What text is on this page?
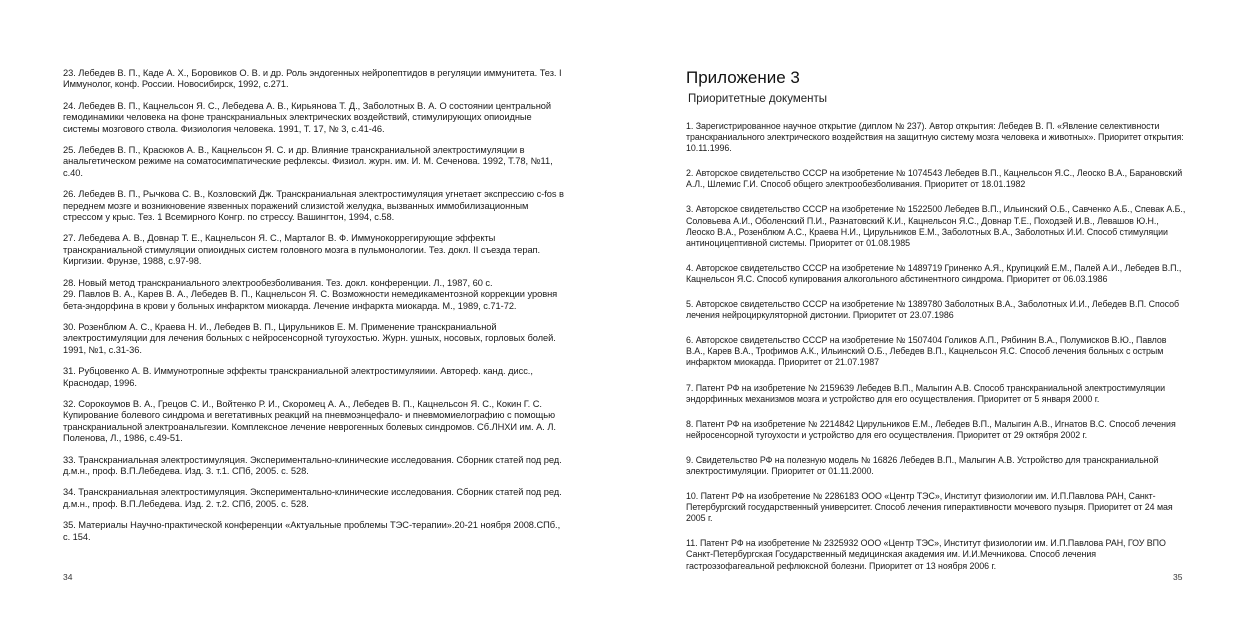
23. Лебедев В. П., Каде А. Х., Боровиков О. В. и др. Роль эндогенных нейропептидов в регуляции иммунитета. Тез. I Иммунолог, конф. России. Новосибирск, 1992, с.271.

24. Лебедев В. П., Кацнельсон Я. С., Лебедева А. В., Кирьянова Т. Д., Заболотных В. А. О состоянии центральной гемодинамики человека на фоне транскраниальных электрических воздействий, стимулирующих опиоидные системы мозгового ствола. Физиология человека. 1991, Т. 17, № 3, с.41-46.

25. Лебедев В. П., Красюков А. В., Кацнельсон Я. С. и др. Влияние транскраниальной электростимуляции в анальгетическом режиме на соматосимпатические рефлексы. Физиол. журн. им. И. М. Сеченова. 1992, Т.78, №11, с.40.

26. Лебедев В. П., Рычкова С. В., Козловский Дж. Транскраниальная электростимуляция угнетает экспрессию c-fos в переднем мозге и возникновение язвенных поражений слизистой желудка, вызванных иммобилизационным стрессом у крыс. Тез. 1 Всемирного Конгр. по стрессу. Вашингтон, 1994, с.58.

27. Лебедева А. В., Довнар Т. Е., Кацнельсон Я. С., Марталог В. Ф. Иммунокоррегирующие эффекты транскраниальной стимуляции опиоидных систем головного мозга в пульмонологии. Тез. докл. II съезда терап. Киргизии. Фрунзе, 1988, с.97-98.

28. Новый метод транскраниального электрообезболивания. Тез. докл. конференции. Л., 1987, 60 с.

29. Павлов В. А., Карев В. А., Лебедев В. П., Кацнельсон Я. С. Возможности немедикаментозной коррекции уровня бета-эндорфина в крови у больных инфарктом миокарда. Лечение инфаркта миокарда. М., 1989, с.71-72.

30. Розенблюм А. С., Краева Н. И., Лебедев В. П., Цирульников Е. М. Применение транскраниальной электростимуляции для лечения больных с нейросенсорной тугоухостью. Журн. ушных, носовых, горловых болей. 1991, №1, с.31-36.

31. Рубцовенко А. В. Иммунотропные эффекты транскраниальной электростимуляиии. Автореф. канд. дисс., Краснодар, 1996.

32. Сорокоумов В. А., Грецов С. И., Войтенко Р. И., Скоромец А. А., Лебедев В. П., Кацнельсон Я. С., Кокин Г. С. Купирование болевого синдрома и вегетативных реакций на пневмоэнцефало- и пневмомиелографию с помощью транскраниальной электроанальгезии. Комплексное лечение неврогенных болевых синдромов. Сб.ЛНХИ им. А. Л. Поленова, Л., 1986, с.49-51.

33. Транскраниальная электростимуляция. Экспериментально-клинические исследования. Сборник статей под ред. д.м.н., проф. В.П.Лебедева. Изд. 3. т.1. СПб, 2005. с. 528.

34. Транскраниальная электростимуляция. Экспериментально-клинические исследования. Сборник статей под ред. д.м.н., проф. В.П.Лебедева. Изд. 2. т.2. СПб, 2005. с. 528.

35. Материалы Научно-практической конференции «Актуальные проблемы ТЭС-терапии».20-21 ноября 2008.СПб., с. 154.

34
Приложение 3
Приоритетные документы

1. Зарегистрированное научное открытие (диплом № 237). Автор открытия: Лебедев В. П. «Явление селективности транскраниального электрического воздействия на защитную систему мозга человека и животных». Приоритет открытия: 10.11.1996.

2. Авторское свидетельство СССР на изобретение № 1074543 Лебедев В.П., Кацнельсон Я.С., Леоско В.А., Барановский А.Л., Шлемис Г.И. Способ общего электрообезболивания. Приоритет от 18.01.1982

3. Авторское свидетельство СССР на изобретение № 1522500 Лебедев В.П., Ильинский О.Б., Савченко А.Б., Спевак А.Б., Соловьева А.И., Оболенский П.И., Разнатовский К.И., Кацнельсон Я.С., Довнар Т.Е., Походзей И.В., Левашов Ю.Н., Леоско В.А., Розенблюм А.С., Краева Н.И., Цирульников Е.М., Заболотных В.А., Заболотных И.И. Способ стимуляции антиноцицептивной системы. Приоритет от 01.08.1985

4. Авторское свидетельство СССР на изобретение № 1489719 Гриненко А.Я., Крупицкий Е.М., Палей А.И., Лебедев В.П., Кацнельсон Я.С. Способ купирования алкогольного абстинентного синдрома. Приоритет от 06.03.1986

5. Авторское свидетельство СССР на изобретение № 1389780 Заболотных В.А., Заболотных И.И., Лебедев В.П. Способ лечения нейроциркуляторной дистонии. Приоритет от 23.07.1986

6. Авторское свидетельство СССР на изобретение № 1507404 Голиков А.П., Рябинин В.А., Полумисков В.Ю., Павлов В.А., Карев В.А., Трофимов А.К., Ильинский О.Б., Лебедев В.П., Кацнельсон Я.С. Способ лечения больных с острым инфарктом миокарда. Приоритет от 21.07.1987

7. Патент РФ на изобретение № 2159639 Лебедев В.П., Малыгин А.В. Способ транскраниальной электростимуляции эндорфинных механизмов мозга и устройство для его осуществления. Приоритет от 5 января 2000 г.

8. Патент РФ на изобретение № 2214842 Цирульников Е.М., Лебедев В.П., Малыгин А.В., Игнатов В.С. Способ лечения нейросенсорной тугоухости и устройство для его осуществления. Приоритет от 29 октября 2002 г.

9. Свидетельство РФ на полезную модель № 16826 Лебедев В.П., Малыгин А.В. Устройство для транскраниальной электростимуляции. Приоритет от 01.11.2000.

10. Патент РФ на изобретение № 2286183 ООО «Центр ТЭС», Институт физиологии им. И.П.Павлова РАН, Санкт-Петербургский государственный университет. Способ лечения гиперактивности мочевого пузыря. Приоритет от 24 мая 2005 г.

11. Патент РФ на изобретение № 2325932 ООО «Центр ТЭС», Институт физиологии им. И.П.Павлова РАН, ГОУ ВПО Санкт-Петербургская Государственный медицинская академия им. И.И.Мечникова. Способ лечения гастроэзофагеальной рефлюксной болезни. Приоритет от 13 ноября 2006 г.

35
